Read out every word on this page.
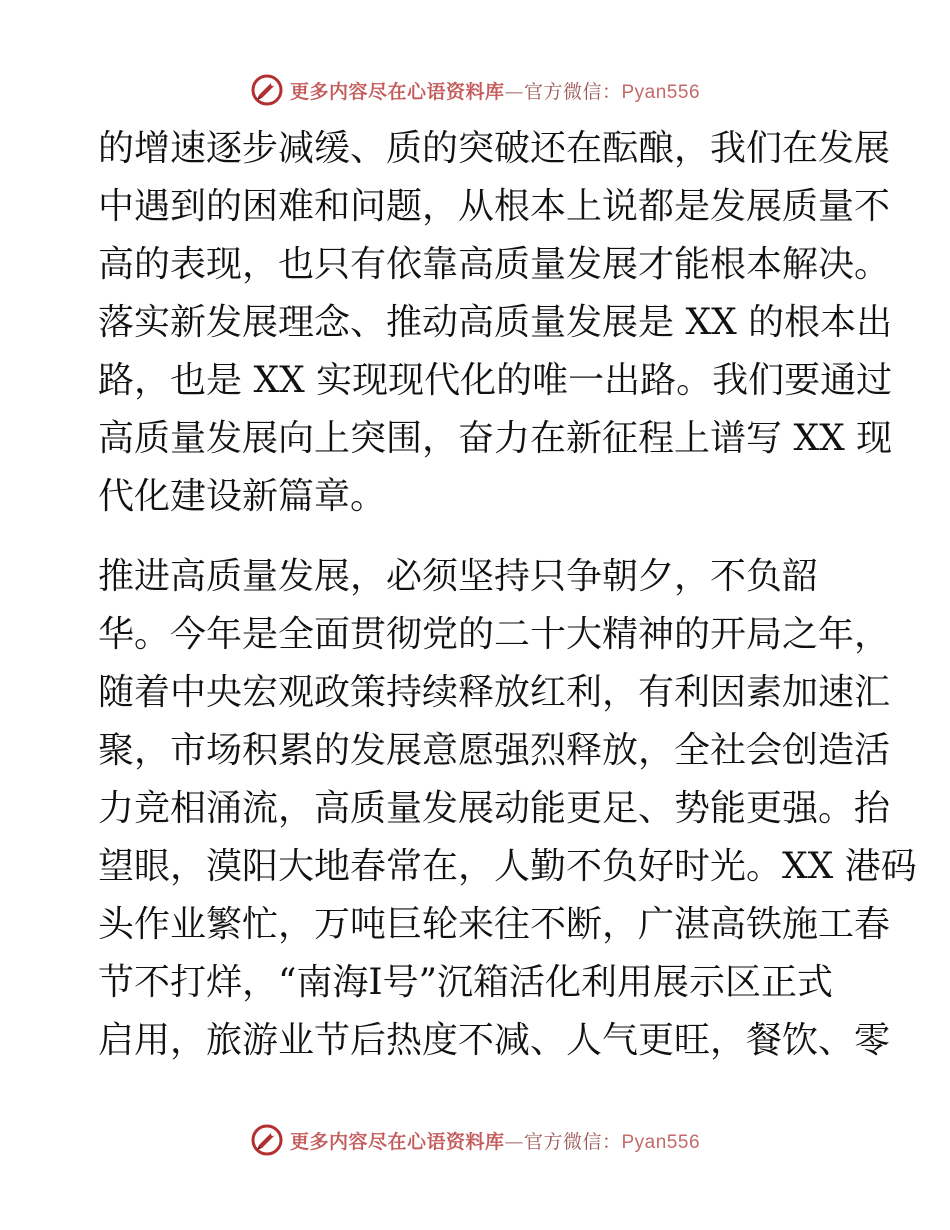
更多内容尽在心语资料库—官方微信：Pyan556
的增速逐步减缓、质的突破还在酝酿，我们在发展
中遇到的困难和问题，从根本上说都是发展质量不
高的表现，也只有依靠高质量发展才能根本解决。
落实新发展理念、推动高质量发展是 XX 的根本出
路，也是 XX 实现现代化的唯一出路。我们要通过
高质量发展向上突围，奋力在新征程上谱写 XX 现
代化建设新篇章。
推进高质量发展，必须坚持只争朝夕，不负韶
华。今年是全面贯彻党的二十大精神的开局之年，
随着中央宏观政策持续释放红利，有利因素加速汇
聚，市场积累的发展意愿强烈释放，全社会创造活
力竞相涌流，高质量发展动能更足、势能更强。抬
望眼，漠阳大地春常在，人勤不负好时光。XX 港码
头作业繁忙，万吨巨轮来往不断，广湛高铁施工春
节不打烊，“南海Ⅰ号”沉箱活化利用展示区正式
启用，旅游业节后热度不减、人气更旺，餐饮、零
更多内容尽在心语资料库—官方微信：Pyan556
